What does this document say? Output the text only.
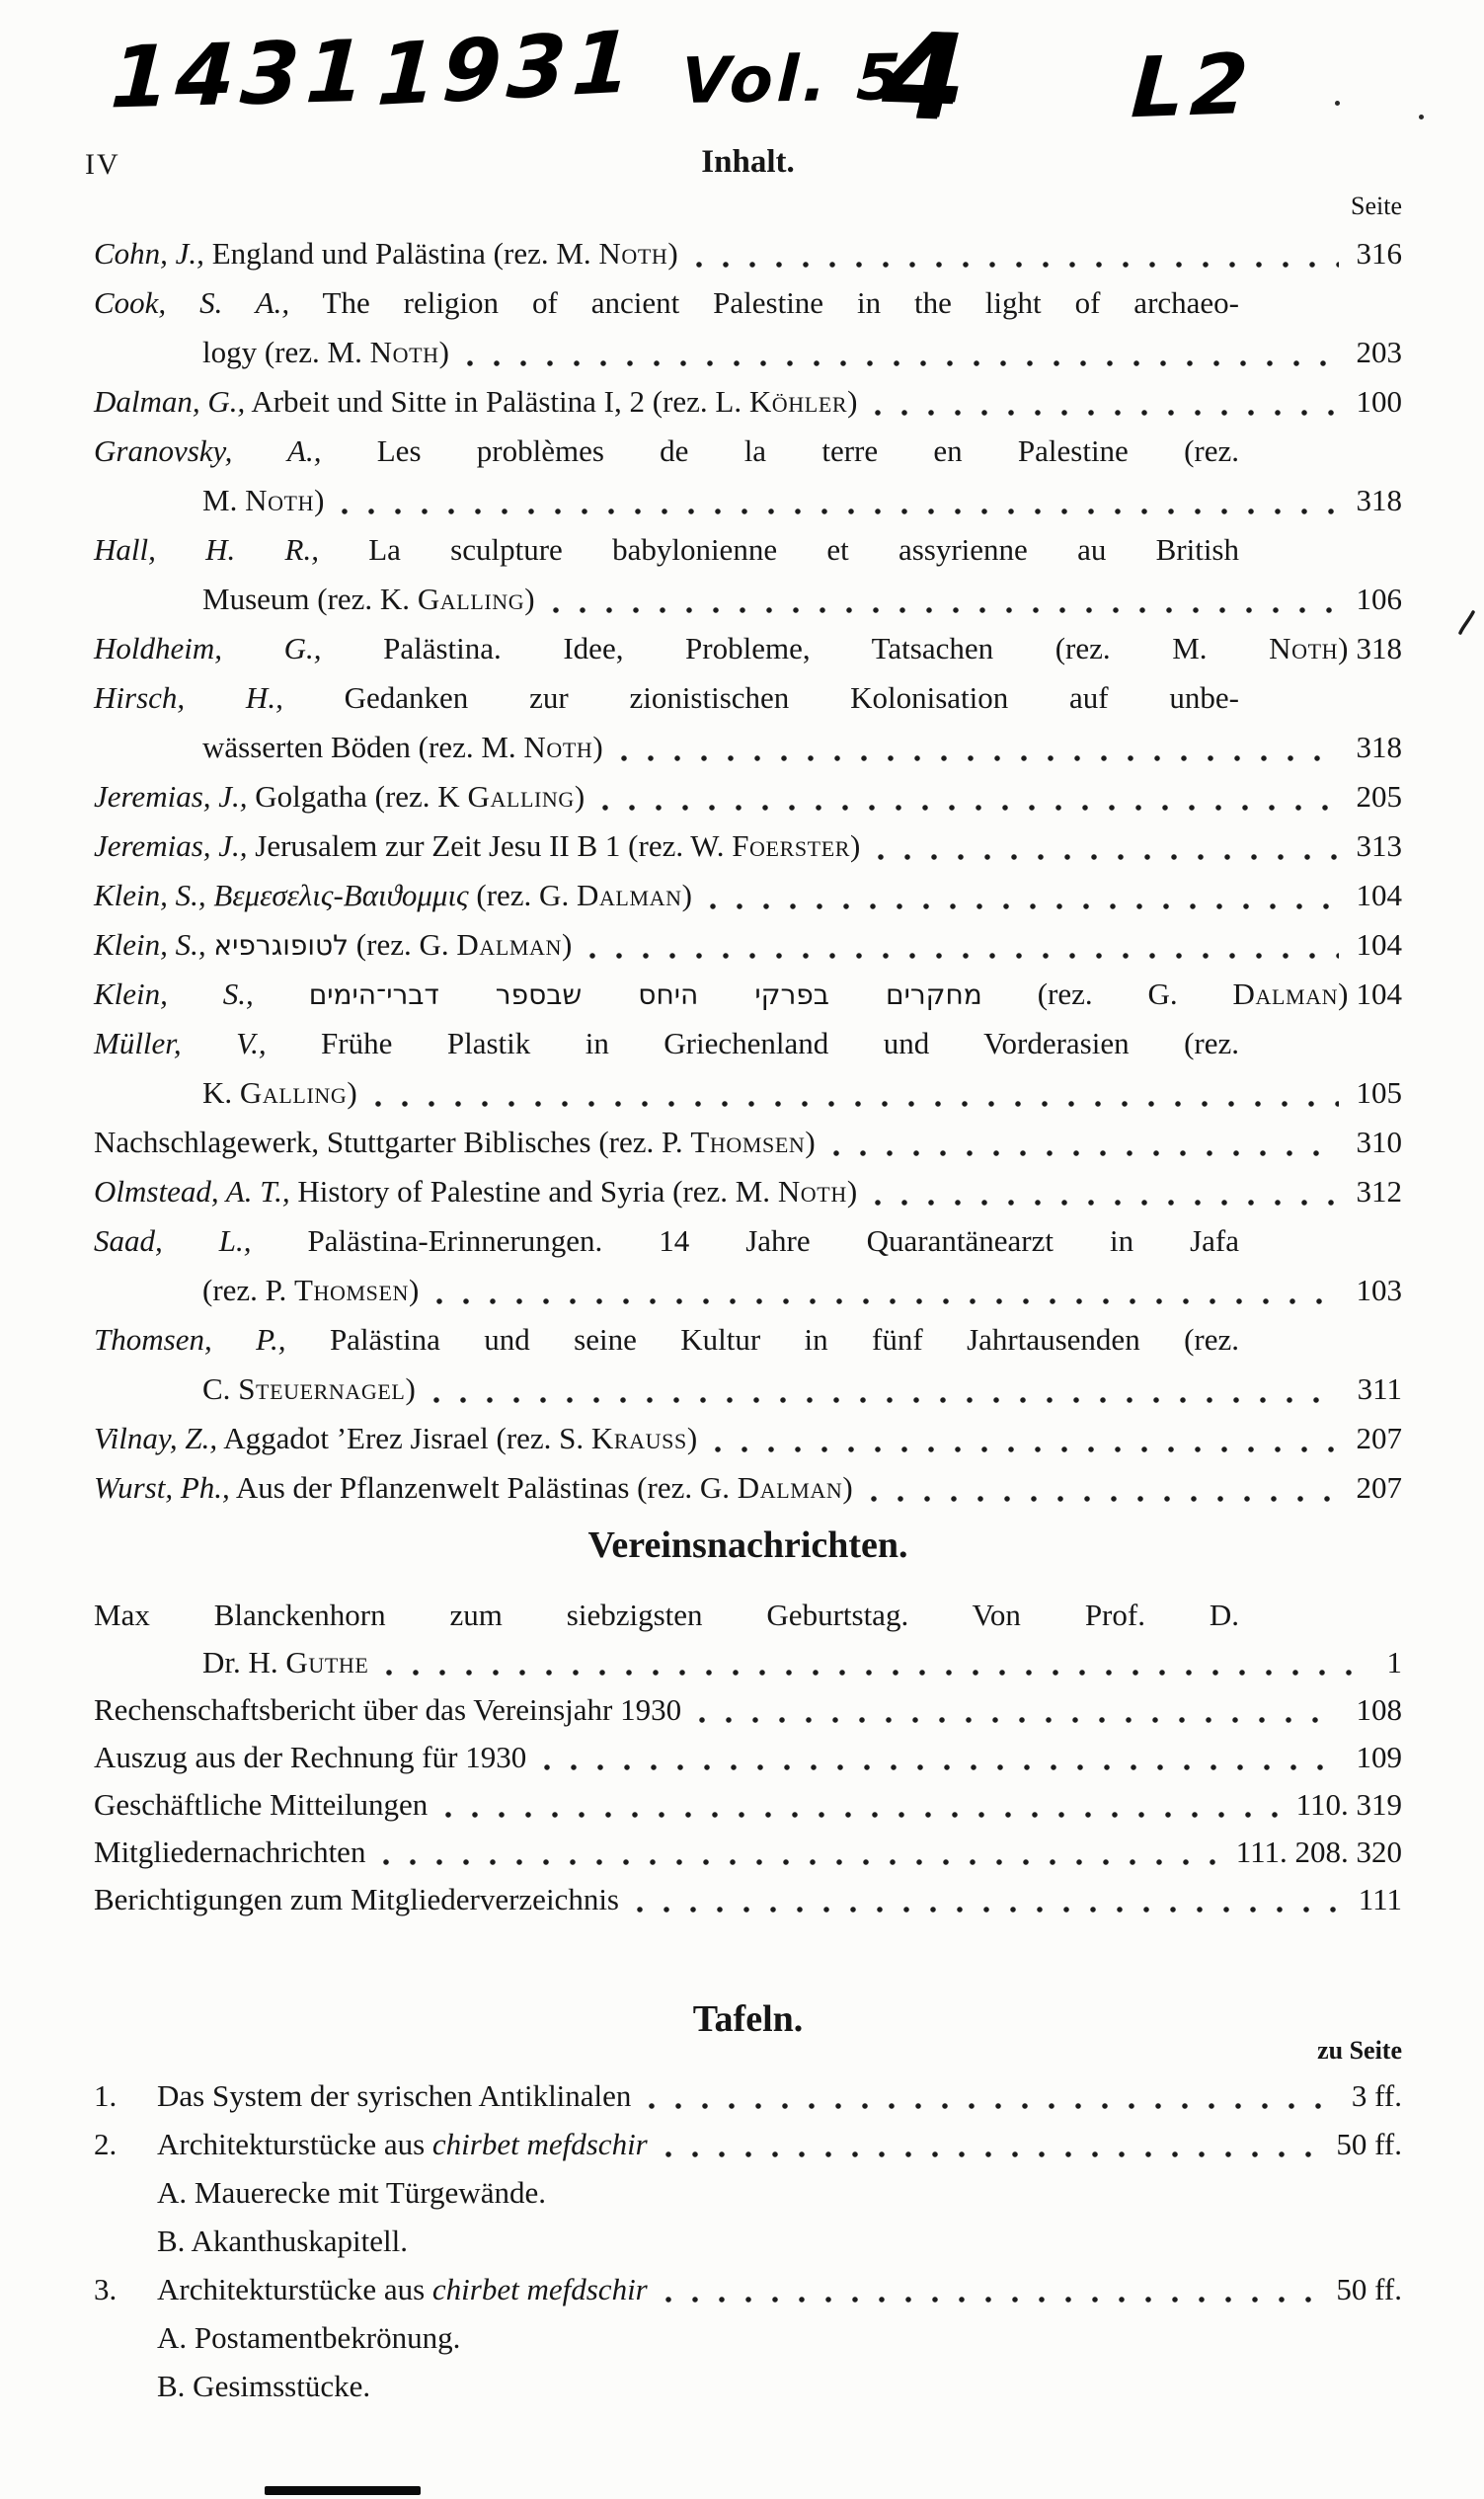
1431 1931 Vol. 5
4 L2
IV	Inhalt.
Seite
Cohn, J., England und Palästina (rez. M. Noth)	316
Cook, S. A., The religion of ancient Palestine in the light of archaeo-
logy (rez. M. Noth)	203
Dalman, G., Arbeit und Sitte in Palästina I, 2 (rez. L. Köhler)	100
Granovsky, A., Les problèmes de la terre en Palestine (rez.
M. Noth)	318
Hall, H. R., La sculpture babylonienne et assyrienne au British
Museum (rez. K. Galling)	106
Holdheim, G., Palästina. Idee, Probleme, Tatsachen (rez. M. Noth) 318
Hirsch, H., Gedanken zur zionistischen Kolonisation auf unbe-
wässerten Böden (rez. M. Noth)	318
Jeremias, J., Golgatha (rez. K Galling)	205
Jeremias, J., Jerusalem zur Zeit Jesu II B 1 (rez. W. Foerster)	313
Klein, S., Βεμεσελις-Βαιϑομμις (rez. G. Dalman)	104
Klein, S., לטופוגרפיא (rez. G. Dalman)	104
Klein, S., מחקרים בפרקי היחס שבספר דברי־הימים (rez. G. Dalman) 104
Müller, V., Frühe Plastik in Griechenland und Vorderasien (rez.
K. Galling)	105
Nachschlagewerk, Stuttgarter Biblisches (rez. P. Thomsen)	310
Olmstead, A. T., History of Palestine and Syria (rez. M. Noth)	312
Saad, L., Palästina-Erinnerungen. 14 Jahre Quarantänearzt in Jafa
(rez. P. Thomsen)	103
Thomsen, P., Palästina und seine Kultur in fünf Jahrtausenden (rez.
C. Steuernagel)	311
Vilnay, Z., Aggadot ’Erez Jisrael (rez. S. Krauss)	207
Wurst, Ph., Aus der Pflanzenwelt Palästinas (rez. G. Dalman)	207
Vereinsnachrichten.
Max Blanckenhorn zum siebzigsten Geburtstag. Von Prof. D.
Dr. H. Guthe	1
Rechenschaftsbericht über das Vereinsjahr 1930	108
Auszug aus der Rechnung für 1930	109
Geschäftliche Mitteilungen	110. 319
Mitgliedernachrichten	111. 208. 320
Berichtigungen zum Mitgliederverzeichnis	111
Tafeln.
zu Seite
1.	Das System der syrischen Antiklinalen	3 ff.
2.	Architekturstücke aus chirbet mefdschir	50 ff.
A. Mauerecke mit Türgewände.
B. Akanthuskapitell.
3.	Architekturstücke aus chirbet mefdschir	50 ff.
A. Postamentbekrönung.
B. Gesimsstücke.
